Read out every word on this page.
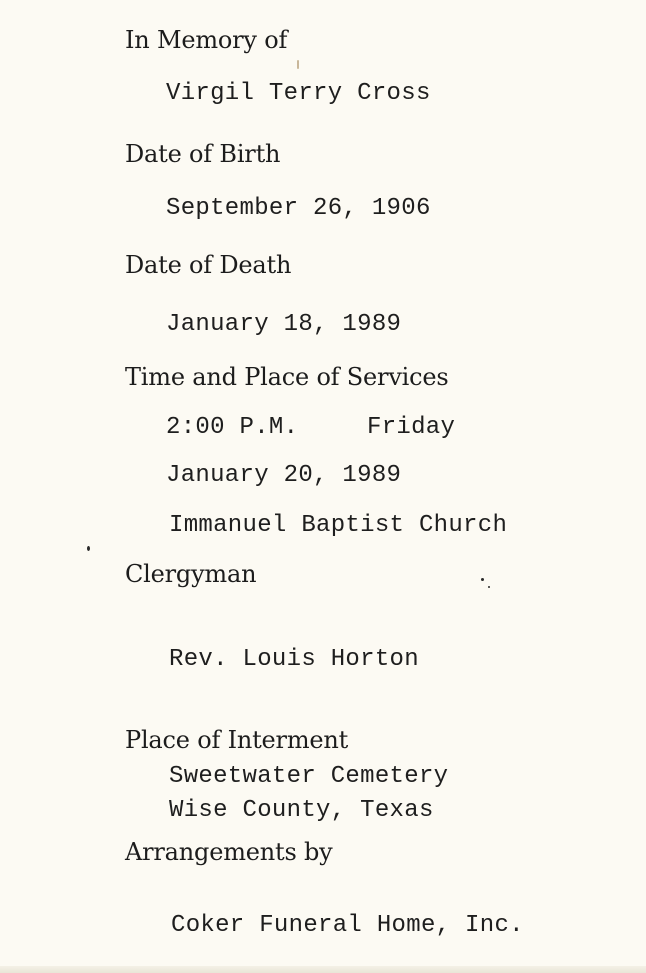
In Memory of
Virgil Terry Cross
Date of Birth
September 26, 1906
Date of Death
January 18, 1989
Time and Place of Services
2:00 P.M.	Friday
January 20, 1989
Immanuel Baptist Church
Clergyman
Rev. Louis Horton
Place of Interment
Sweetwater Cemetery
Wise County, Texas
Arrangements by
Coker Funeral Home, Inc.
